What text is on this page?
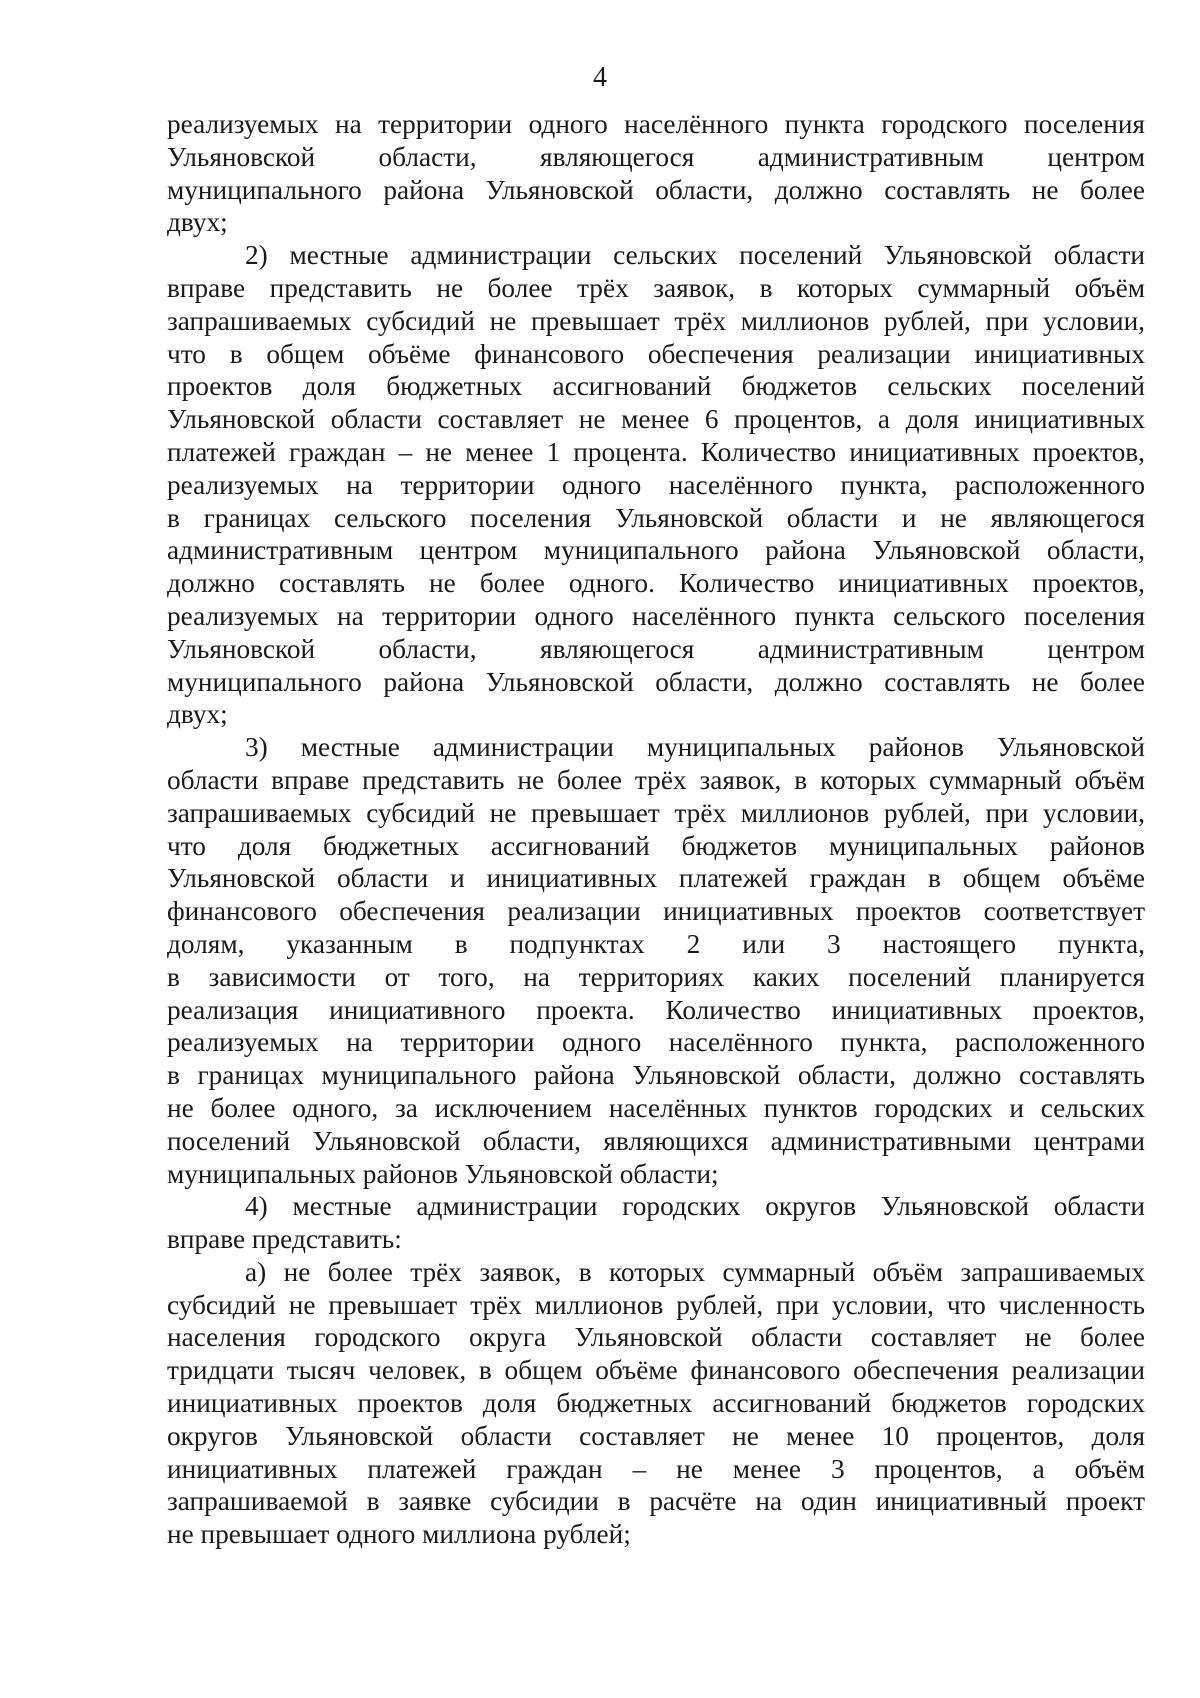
4
реализуемых на территории одного населённого пункта городского поселения
Ульяновской области, являющегося административным центром
муниципального района Ульяновской области, должно составлять не более
двух;
2) местные администрации сельских поселений Ульяновской области
вправе представить не более трёх заявок, в которых суммарный объём
запрашиваемых субсидий не превышает трёх миллионов рублей, при условии,
что в общем объёме финансового обеспечения реализации инициативных
проектов доля бюджетных ассигнований бюджетов сельских поселений
Ульяновской области составляет не менее 6 процентов, а доля инициативных
платежей граждан – не менее 1 процента. Количество инициативных проектов,
реализуемых на территории одного населённого пункта, расположенного
в границах сельского поселения Ульяновской области и не являющегося
административным центром муниципального района Ульяновской области,
должно составлять не более одного. Количество инициативных проектов,
реализуемых на территории одного населённого пункта сельского поселения
Ульяновской области, являющегося административным центром
муниципального района Ульяновской области, должно составлять не более
двух;
3) местные администрации муниципальных районов Ульяновской
области вправе представить не более трёх заявок, в которых суммарный объём
запрашиваемых субсидий не превышает трёх миллионов рублей, при условии,
что доля бюджетных ассигнований бюджетов муниципальных районов
Ульяновской области и инициативных платежей граждан в общем объёме
финансового обеспечения реализации инициативных проектов соответствует
долям, указанным в подпунктах 2 или 3 настоящего пункта,
в зависимости от того, на территориях каких поселений планируется
реализация инициативного проекта. Количество инициативных проектов,
реализуемых на территории одного населённого пункта, расположенного
в границах муниципального района Ульяновской области, должно составлять
не более одного, за исключением населённых пунктов городских и сельских
поселений Ульяновской области, являющихся административными центрами
муниципальных районов Ульяновской области;
4) местные администрации городских округов Ульяновской области
вправе представить:
а) не более трёх заявок, в которых суммарный объём запрашиваемых
субсидий не превышает трёх миллионов рублей, при условии, что численность
населения городского округа Ульяновской области составляет не более
тридцати тысяч человек, в общем объёме финансового обеспечения реализации
инициативных проектов доля бюджетных ассигнований бюджетов городских
округов Ульяновской области составляет не менее 10 процентов, доля
инициативных платежей граждан – не менее 3 процентов, а объём
запрашиваемой в заявке субсидии в расчёте на один инициативный проект
не превышает одного миллиона рублей;
